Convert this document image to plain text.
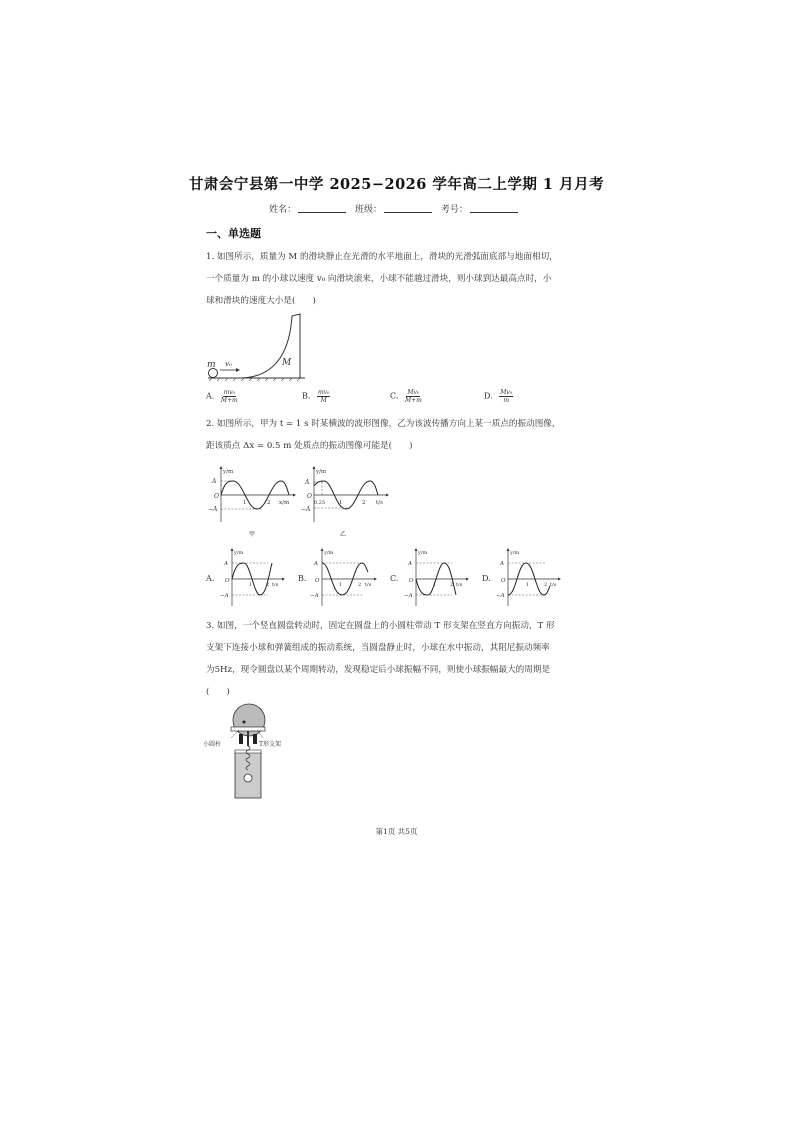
甘肃会宁县第一中学 2025−2026 学年高二上学期 1 月月考
姓名：	班级：	考号：
一、单选题
1. 如图所示，质量为 M 的滑块静止在光滑的水平地面上，滑块的光滑弧面底部与地面相切，
一个质量为 m 的小球以速度 v₀ 向滑块滚来，小球不能越过滑块，则小球到达最高点时，小
球和滑块的速度大小是(　　)
m v₀	M
A. $\frac{\text{mv₀}}{M+m}$	B. $\frac{\text{mv₀}}{M}$	C. $\frac{\text{Mv₀}}{M+m}$	D. $\frac{\text{Mv₀}}{m}$
2. 如图所示，甲为 t = 1 s 时某横波的波形图像，乙为该波传播方向上某一质点的振动图像，
距该质点 Δx = 0.5 m 处质点的振动图像可能是(　　)
y/m
A
−A
O
1	2 x/m
甲
y/m
A
−A
O
0.25	1	2 t/s
乙
A.
y/m
A
−A
O
1	2 t/s
B.
y/m
A
−A
O
1	2 t/s
C.
y/m
A
−A
O
1	2 t/s
D.
y/m
A
−A
O
1	2 t/s
3. 如图，一个竖直圆盘转动时，固定在圆盘上的小圆柱带动 T 形支架在竖直方向振动，T 形
支架下连接小球和弹簧组成的振动系统，当圆盘静止时，小球在水中振动，其阻尼振动频率
为5Hz，现令圆盘以某个周期转动，发现稳定后小球振幅不同，则使小球振幅最大的周期是
(　　)
小圆柱	T形支架
第1页 共5页
